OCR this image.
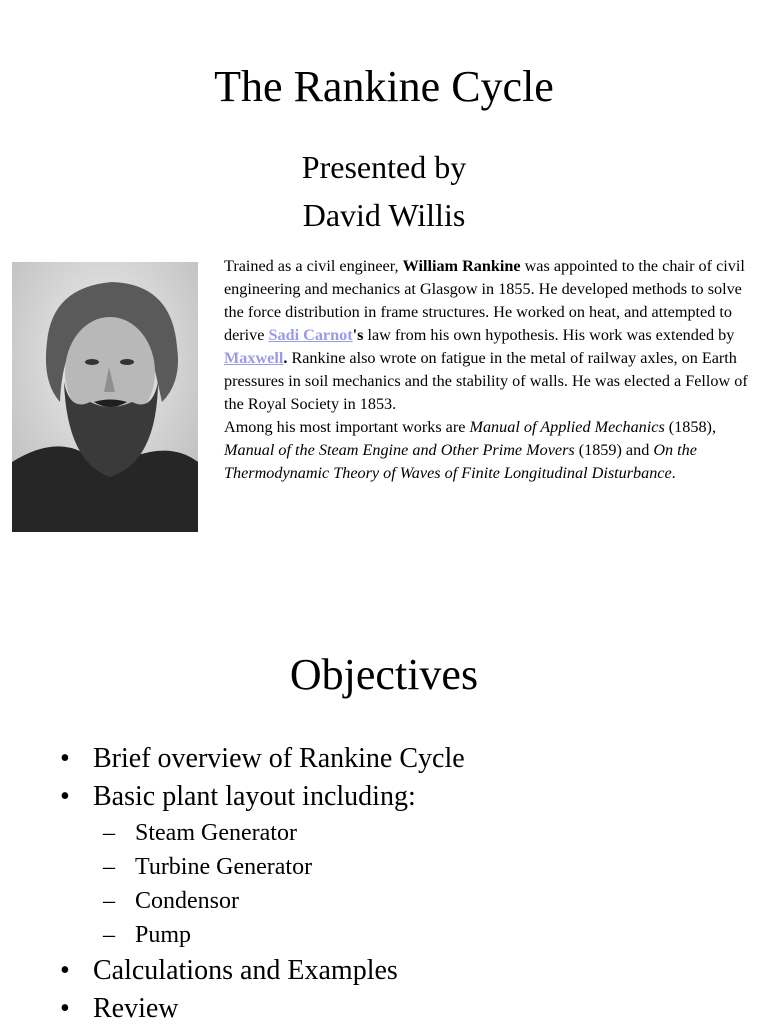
The Rankine Cycle
Presented by
David Willis

Trained as a civil engineer, William Rankine was appointed to the chair of civil engineering and mechanics at Glasgow in 1855. He developed methods to solve the force distribution in frame structures. He worked on heat, and attempted to derive Sadi Carnot's law from his own hypothesis. His work was extended by Maxwell. Rankine also wrote on fatigue in the metal of railway axles, on Earth pressures in soil mechanics and the stability of walls. He was elected a Fellow of the Royal Society in 1853.

Among his most important works are Manual of Applied Mechanics (1858), Manual of the Steam Engine and Other Prime Movers (1859) and On the Thermodynamic Theory of Waves of Finite Longitudinal Disturbance.

Objectives
• Brief overview of Rankine Cycle
• Basic plant layout including:
– Steam Generator
– Turbine Generator
– Condensor
– Pump
• Calculations and Examples
• Review
